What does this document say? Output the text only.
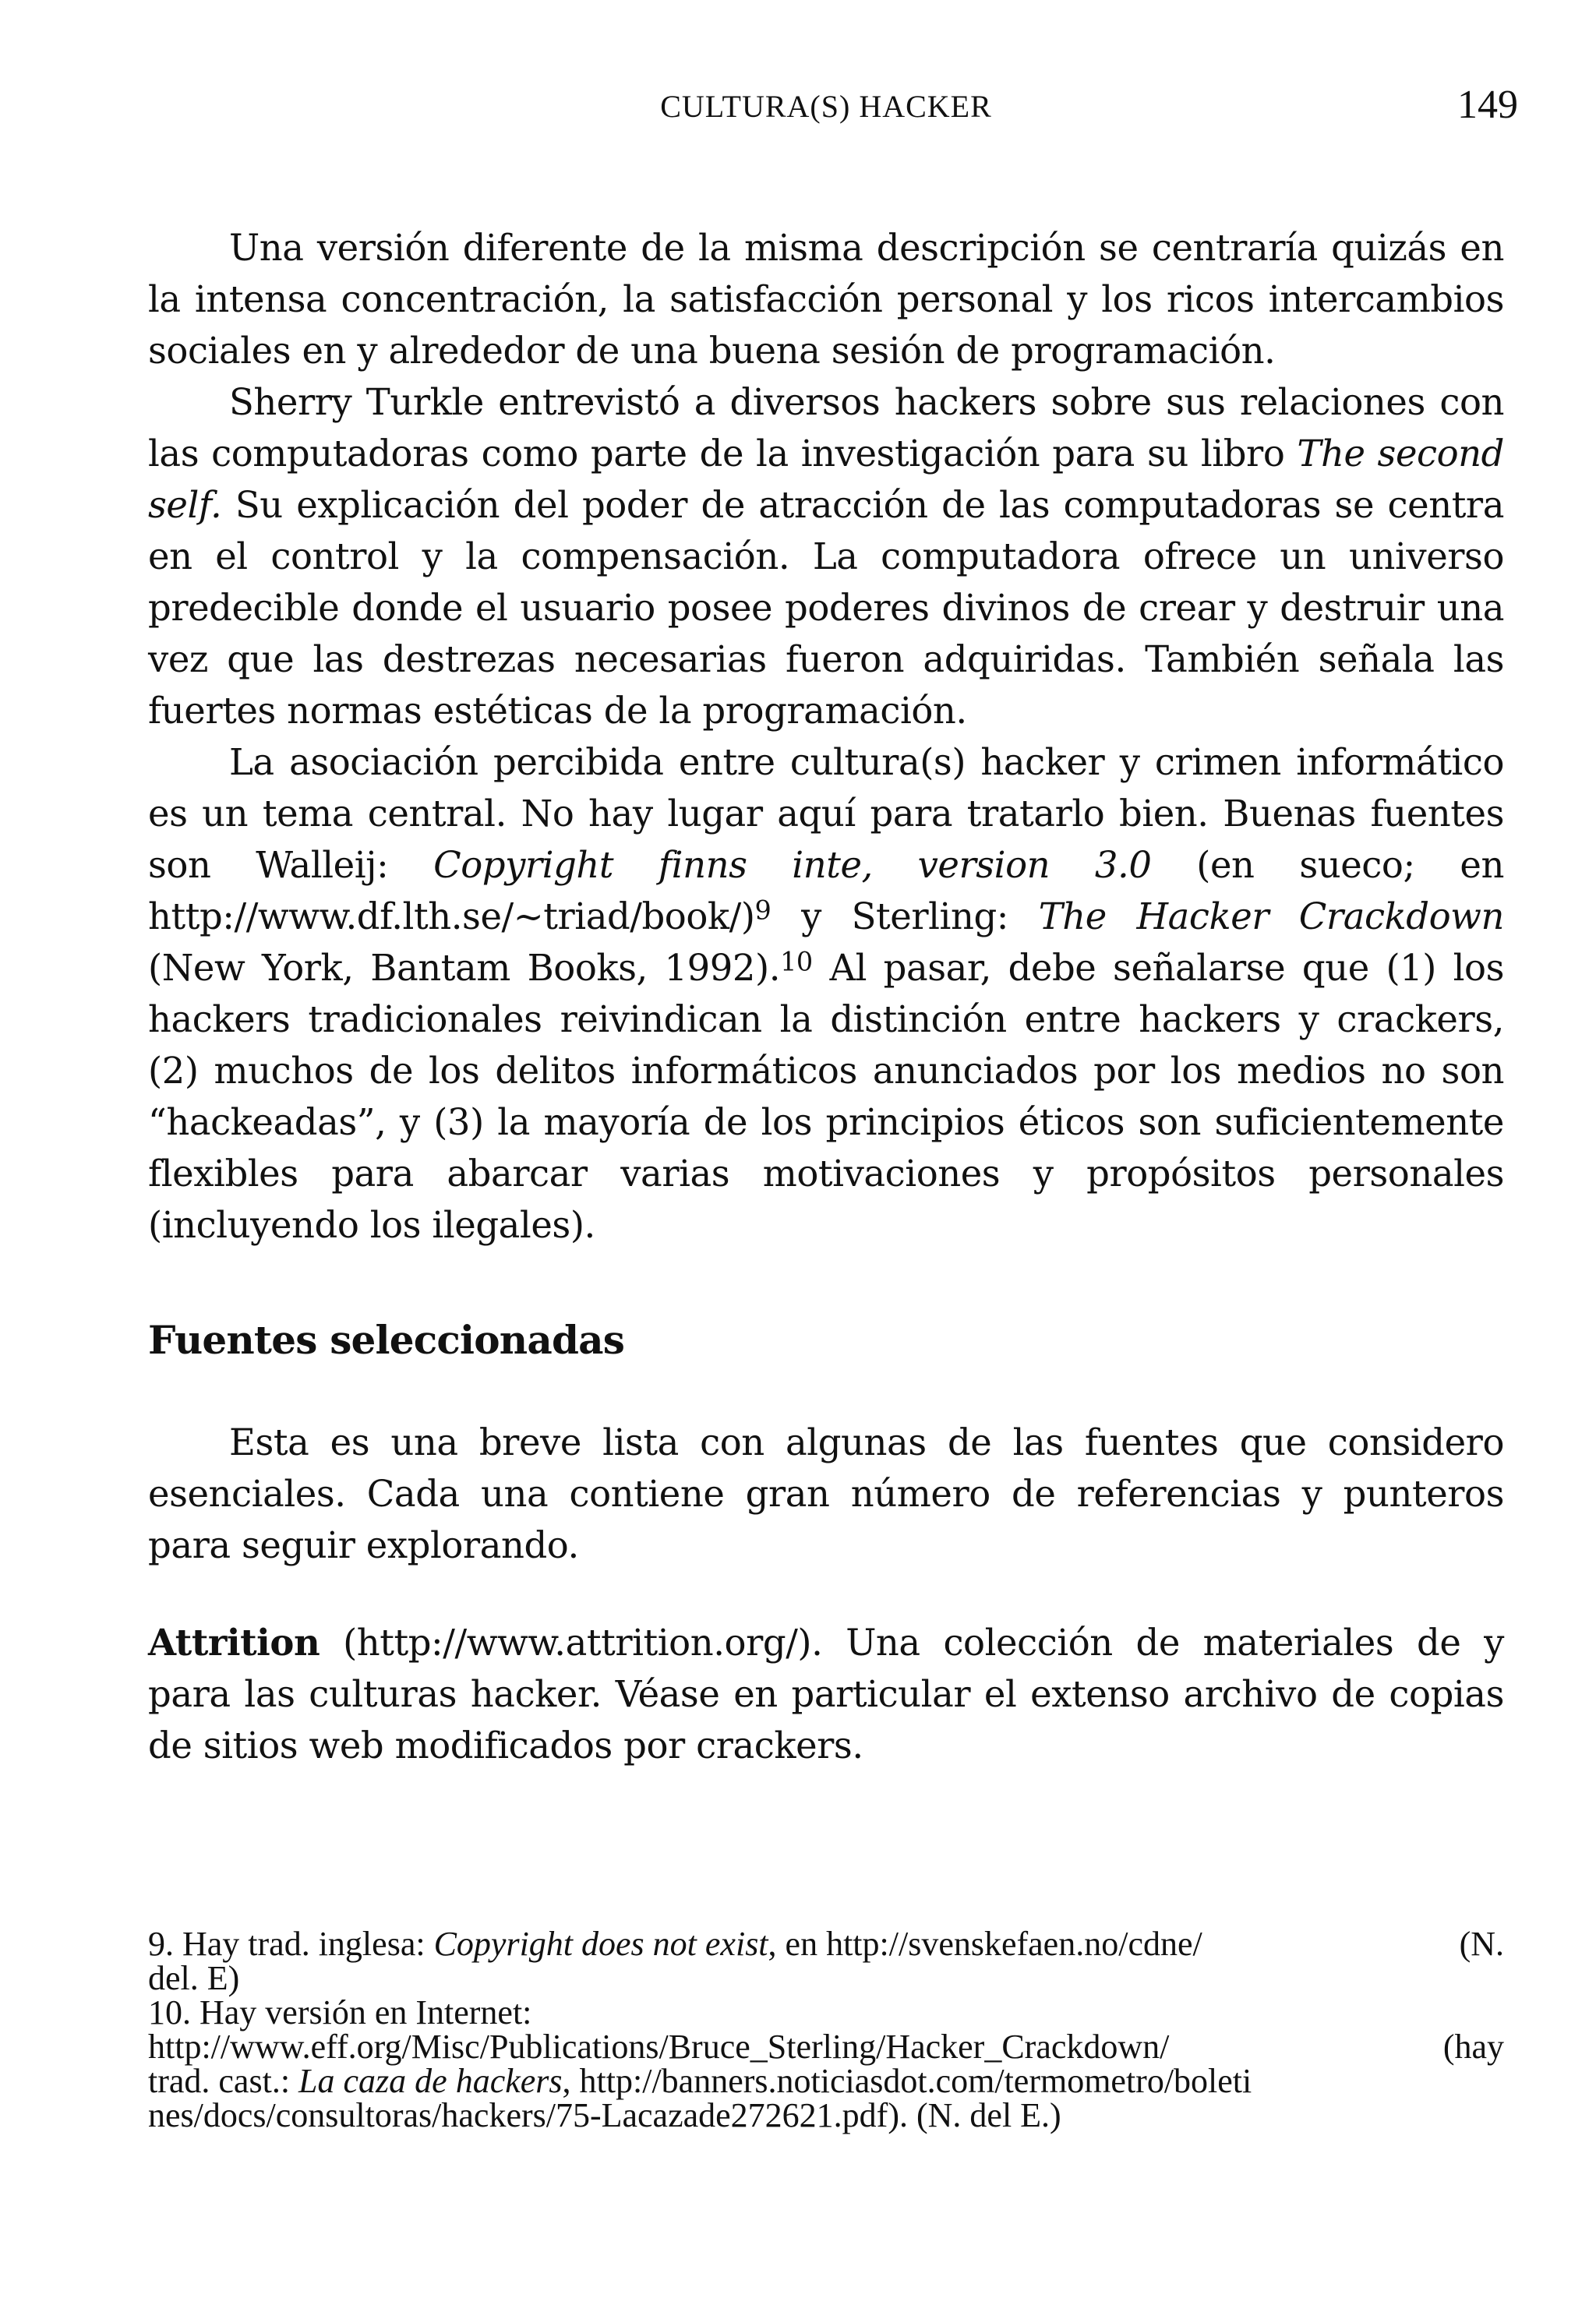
CULTURA(S) HACKER	149

Una versión diferente de la misma descripción se centraría quizás en la intensa concentración, la satisfacción personal y los ricos intercambios sociales en y alrededor de una buena sesión de programación.

Sherry Turkle entrevistó a diversos hackers sobre sus relaciones con las computadoras como parte de la investigación para su libro The second self. Su explicación del poder de atracción de las computadoras se centra en el control y la compensación. La computadora ofrece un universo predecible donde el usuario posee poderes divinos de crear y destruir una vez que las destrezas necesarias fueron adquiridas. También señala las fuertes normas estéticas de la programación.

La asociación percibida entre cultura(s) hacker y crimen informático es un tema central. No hay lugar aquí para tratarlo bien. Buenas fuentes son Walleij: Copyright finns inte, version 3.0 (en sueco; en http://www.df.lth.se/~triad/book/)$^9$ y Sterling: The Hacker Crackdown (New York, Bantam Books, 1992).$^{10}$ Al pasar, debe señalarse que (1) los hackers tradicionales reivindican la distinción entre hackers y crackers, (2) muchos de los delitos informáticos anunciados por los medios no son “hackeadas”, y (3) la mayoría de los principios éticos son suficientemente flexibles para abarcar varias motivaciones y propósitos personales (incluyendo los ilegales).

Fuentes seleccionadas

Esta es una breve lista con algunas de las fuentes que considero esenciales. Cada una contiene gran número de referencias y punteros para seguir explorando.

Attrition (http://www.attrition.org/). Una colección de materiales de y para las culturas hacker. Véase en particular el extenso archivo de copias de sitios web modificados por crackers.

9. Hay trad. inglesa: Copyright does not exist, en http://svenskefaen.no/cdne/	(N.
del. E)
10. Hay versión en Internet:
http://www.eff.org/Misc/Publications/Bruce_Sterling/Hacker_Crackdown/	(hay
trad. cast.: La caza de hackers, http://banners.noticiasdot.com/termometro/boleti
nes/docs/consultoras/hackers/75-Lacazade272621.pdf). (N. del E.)
